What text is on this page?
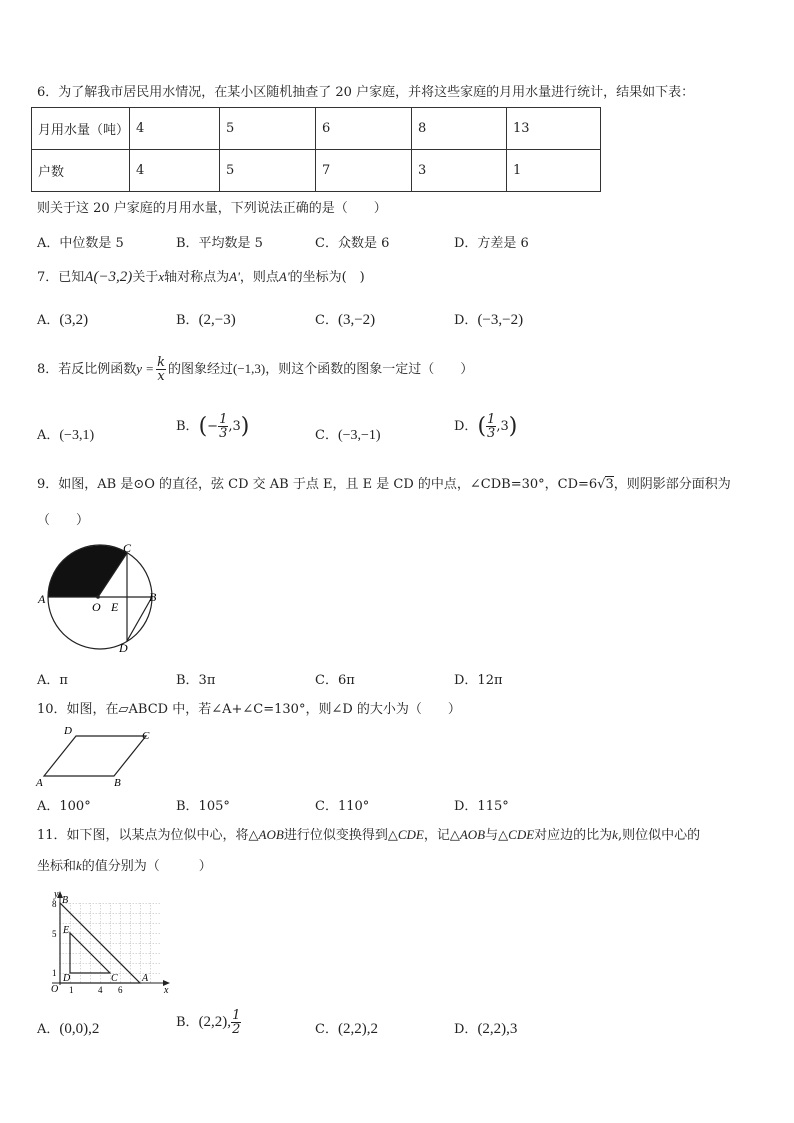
6．为了解我市居民用水情况，在某小区随机抽查了 20 户家庭，并将这些家庭的月用水量进行统计，结果如下表：
月用水量（吨）	4	5	6	8	13
户数	4	5	7	3	1
则关于这 20 户家庭的月用水量，下列说法正确的是（　　）
A．中位数是 5	B．平均数是 5	C．众数是 6	D．方差是 6
7．已知A(−3,2)关于x轴对称点为A'，则点A'的坐标为(　)
A．(3,2)	B．(2,−3)	C．(3,−2)	D．(−3,−2)
8．若反比例函数$y = \frac{k}{x}$ 的图象经过(−1,3)，则这个函数的图象一定过（　　）
A．(−3,1)
B．(− $\frac{1}{3} ,3$)	C．(−3,−1)
D．( $\frac{1}{3} ,3$)
9．如图，AB 是⊙O 的直径，弦 CD 交 AB 于点 E，且 E 是 CD 的中点，∠CDB=30°，CD=6√3，则阴影部分面积为
（　　）
A
O E
B
C
D
A．π	B．3π	C．6π	D．12π
10．如图，在▱ABCD 中，若∠A+∠C=130°，则∠D 的大小为（　　）
A	B
C
D
A．100°	B．105°	C．110°	D．115°
11．如下图，以某点为位似中心，将△AOB进行位似变换得到△CDE，记△AOB与△CDE对应边的比为k,则位似中心的
坐标和k的值分别为（　　　）
y
x
O
B
E
D	C A
8
5
1
1	4 6
A．(0,0),2	B．(2,2), $\frac{1}{2}$	C．(2,2),2	D．(2,2),3
